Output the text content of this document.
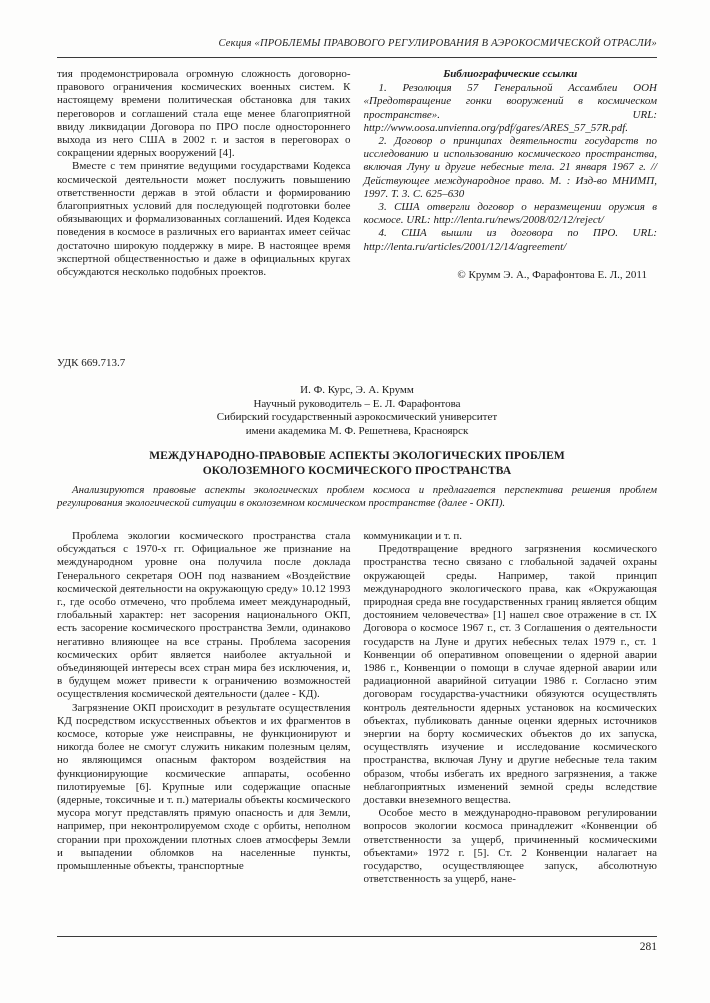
Секция «ПРОБЛЕМЫ ПРАВОВОГО РЕГУЛИРОВАНИЯ В АЭРОКОСМИЧЕСКОЙ ОТРАСЛИ»

тия продемонстрировала огромную сложность договорно-правового ограничения космических военных систем. К настоящему времени политическая обстановка для таких переговоров и соглашений стала еще менее благоприятной ввиду ликвидации Договора по ПРО после одностороннего выхода из него США в 2002 г. и застоя в переговорах о сокращении ядерных вооружений [4].

Вместе с тем принятие ведущими государствами Кодекса космической деятельности может послужить повышению ответственности держав в этой области и формированию благоприятных условий для последующей подготовки более обязывающих и формализованных соглашений. Идея Кодекса поведения в космосе в различных его вариантах имеет сейчас достаточно широкую поддержку в мире. В настоящее время экспертной общественностью и даже в официальных кругах обсуждаются несколько подобных проектов.

Библиографические ссылки

1. Резолюция 57 Генеральной Ассамблеи ООН «Предотвращение гонки вооружений в космическом пространстве». URL: http://www.oosa.unvienna.org/pdf/gares/ARES_57_57R.pdf.

2. Договор о принципах деятельности государств по исследованию и использованию космического пространства, включая Луну и другие небесные тела. 21 января 1967 г. // Действующее международное право. М. : Изд-во МНИМП, 1997. Т. 3. С. 625–630

3. США отвергли договор о неразмещении оружия в космосе. URL: http://lenta.ru/news/2008/02/12/reject/

4. США вышли из договора по ПРО. URL: http://lenta.ru/articles/2001/12/14/agreement/

© Крумм Э. А., Фарафонтова Е. Л., 2011

УДК 669.713.7
И. Ф. Курс, Э. А. Крумм
Научный руководитель – Е. Л. Фарафонтова
Сибирский государственный аэрокосмический университет
имени академика М. Ф. Решетнева, Красноярск
МЕЖДУНАРОДНО-ПРАВОВЫЕ АСПЕКТЫ ЭКОЛОГИЧЕСКИХ ПРОБЛЕМ
ОКОЛОЗЕМНОГО КОСМИЧЕСКОГО ПРОСТРАНСТВА

Анализируются правовые аспекты экологических проблем космоса и предлагается перспектива решения проблем регулирования экологической ситуации в околоземном космическом пространстве (далее - ОКП).

Проблема экологии космического пространства стала обсуждаться с 1970-х гг. Официальное же признание на международном уровне она получила после доклада Генерального секретаря ООН под названием «Воздействие космической деятельности на окружающую среду» 10.12 1993 г., где особо отмечено, что проблема имеет международный, глобальный характер: нет засорения национального ОКП, есть засорение космического пространства Земли, одинаково негативно влияющее на все страны. Проблема засорения космических орбит является наиболее актуальной и объединяющей интересы всех стран мира без исключения, и, в будущем может привести к ограничению возможностей осуществления космической деятельности (далее - КД).

Загрязнение ОКП происходит в результате осуществления КД посредством искусственных объектов и их фрагментов в космосе, которые уже неисправны, не функционируют и никогда более не смогут служить никаким полезным целям, но являющимся опасным фактором воздействия на функционирующие космические аппараты, особенно пилотируемые [6]. Крупные или содержащие опасные (ядерные, токсичные и т. п.) материалы объекты космического мусора могут представлять прямую опасность и для Земли, например, при неконтролируемом сходе с орбиты, неполном сгорании при прохождении плотных слоев атмосферы Земли и выпадении обломков на населенные пункты, промышленные объекты, транспортные

коммуникации и т. п.

Предотвращение вредного загрязнения космического пространства тесно связано с глобальной задачей охраны окружающей среды. Например, такой принцип международного экологического права, как «Окружающая природная среда вне государственных границ является общим достоянием человечества» [1] нашел свое отражение в ст. IX Договора о космосе 1967 г., ст. 3 Соглашения о деятельности государств на Луне и других небесных телах 1979 г., ст. 1 Конвенции об оперативном оповещении о ядерной аварии 1986 г., Конвенции о помощи в случае ядерной аварии или радиационной аварийной ситуации 1986 г. Согласно этим договорам государства-участники обязуются осуществлять контроль деятельности ядерных установок на космических объектах, публиковать данные оценки ядерных источников энергии на борту космических объектов до их запуска, осуществлять изучение и исследование космического пространства, включая Луну и другие небесные тела таким образом, чтобы избегать их вредного загрязнения, а также неблагоприятных изменений земной среды вследствие доставки внеземного вещества.

Особое место в международно-правовом регулировании вопросов экологии космоса принадлежит «Конвенции об ответственности за ущерб, причиненный космическими объектами» 1972 г. [5]. Ст. 2 Конвенции налагает на государство, осуществляющее запуск, абсолютную ответственность за ущерб, нане-

281
